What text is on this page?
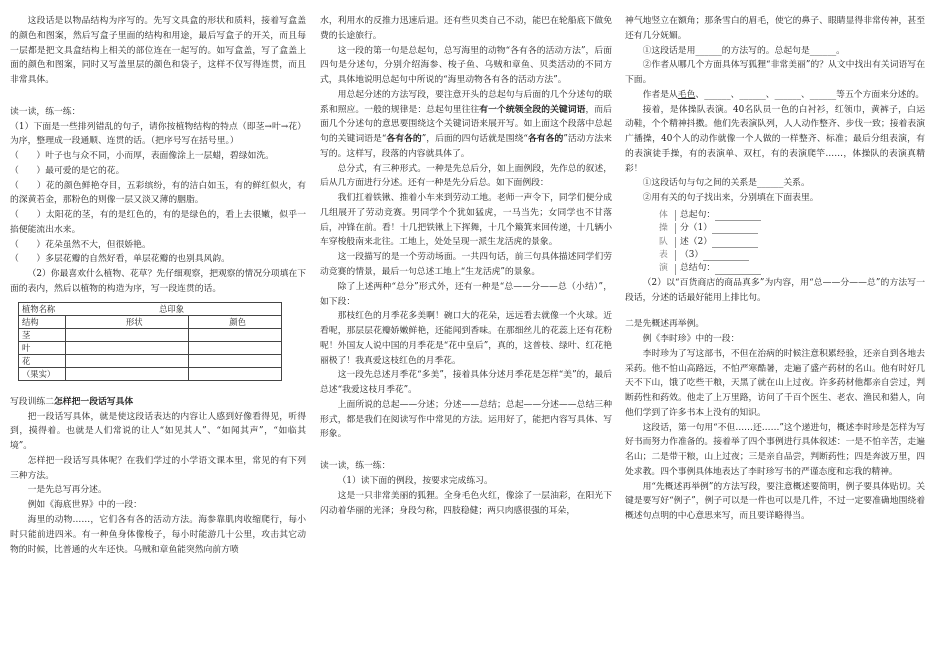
这段话是以物品结构为序写的。先写文具盒的形状和质料，接着写盒盖的颜色和图案，然后写盒子里面的结构和用途，最后写盒子的开关，而且每一层都是把文具盒结构上相关的部位连在一起写的。如写盒盖，写了盒盖上面的颜色和图案，同时又写盖里层的颜色和袋子，这样不仅写得连贯，而且非常具体。

读一读，练一练：

（1）下面是一些排列错乱的句子，请你按植物结构的特点（即茎→叶→花）为序，整理成一段通顺、连贯的话。（把序号写在括号里。）

（　　）叶子也与众不同，小而厚，表面像涂上一层蜡，碧绿如洗。

（　　）最可爱的是它的花。

（　　）花的颜色鲜艳夺目，五彩缤纷，有的洁白如玉，有的鲜红似火，有的深黄若金，那粉色的则像一层又淡又薄的胭脂。

（　　）太阳花的茎，有的是红色的，有的是绿色的，看上去很嫩，似乎一掐便能流出水来。

（　　）花朵虽然不大，但很娇艳。

（　　）多层花瓣的自然好看，单层花瓣的也别具风韵。

（2）你最喜欢什么植物、花草？先仔细观察，把观察的情况分项填在下面的表内，然后以植物的构造为序，写一段连贯的话。

植物名称		总印象	
结构	形状		颜色
茎			
叶			
花			
（果实）			

写段训练二怎样把一段话写具体

把一段话写具体，就是使这段话表达的内容让人感到好像看得见，听得到，摸得着。也就是人们常说的让人“如见其人”、“如闻其声”，“如临其境”。

怎样把一段话写具体呢？在我们学过的小学语文课本里，常见的有下列三种方法。

一是先总写再分述。

例如《海底世界》中的一段：

海里的动物……，它们各有各的活动方法。海参靠肌肉收缩爬行，每小时只能前进四米。有一种鱼身体像梭子，每小时能游几十公里，攻击其它动物的时候，比普通的火车还快。乌贼和章鱼能突然向前方喷

水，利用水的反推力迅速后退。还有些贝类自己不动，能巴在轮船底下做免费的长途旅行。

这一段的第一句是总起句，总写海里的动物“各有各的活动方法”，后面四句是分述句，分别介绍海参、梭子鱼、乌贼和章鱼、贝类活动的不同方式，具体地说明总起句中所说的“海里动物各有各的活动方法”。

用总起分述的方法写段，要注意开头的总起句与后面的几个分述句的联系和照应。一般的规律是：总起句里往往有一个统领全段的关键词语，而后面几个分述句的意思要围绕这个关键词语来展开写。如上面这个段落中总起句的关键词语是“各有各的”，后面的四句话就是围绕“各有各的”活动方法来写的。这样写，段落的内容就具体了。

总分式，有三种形式。一种是先总后分，如上面例段，先作总的叙述，后从几方面进行分述。还有一种是先分后总。如下面例段：

我们扛着铁锹、推着小车来到劳动工地。老师一声令下，同学们便分成几组展开了劳动竞赛。男同学个个犹如猛虎，一马当先；女同学也不甘落后，冲锋在前。看！十几把铁锹上下挥舞，十几个簸箕来回传递，十几辆小车穿梭般南来北往。工地上，处处呈现一派生龙活虎的景象。

这一段描写的是一个劳动场面。一共四句话，前三句具体描述同学们劳动竞赛的情景，最后一句总述工地上“生龙活虎”的景象。

除了上述两种“总分”形式外，还有一种是“总——分——总（小结）”，如下段：

那枝红色的月季花多美啊！碗口大的花朵，远远看去就像一个火球。近看呢，那层层花瓣娇嫩鲜艳，还能闻到香味。在那细丝儿的花蕊上还有花粉呢！外国友人说中国的月季花是“花中皇后”，真的，这普枝、绿叶、红花艳丽极了！我真爱这枝红色的月季花。

这一段先总述月季花“多美”，接着具体分述月季花是怎样“美”的，最后总述“我爱这枝月季花”。

上面所说的总起——分述；分述——总结；总起——分述——总结三种形式，都是我们在阅读写作中常见的方法。运用好了，能把内容写具体、写形象。

读一读，练一练：

（1）读下面的例段，按要求完成练习。

这是一只非常美丽的狐狸。全身毛色火红，像涂了一层油彩，在阳光下闪动着华丽的光泽；身段匀称，四肢稳健；两只肉感很强的耳朵，

神气地竖立在额角；那条雪白的眉毛，使它的鼻子、眼睛显得非常传神，甚至还有几分妩媚。

①这段话是用______的方法写的。总起句是______。

②作者从哪几个方面具体写狐狸“非常美丽”的？从文中找出有关词语写在下面。

作者是从毛色、______、______、______、______等五个方面来分述的。

接着，是体操队表演。40名队员一色的白衬衫，红领巾，黄裤子，白运动鞋，个个精神抖擞。他们先表演队列，人人动作整齐、步伐一致；接着表演广播操，40个人的动作就像一个人做的一样整齐、标准；最后分组表演，有的表演徒手操，有的表演单、双杠，有的表演爬竿……，体操队的表演真精彩！

①这段话句与句之间的关系是______关系。

②用有关的句子找出来，分别填在下面表里。

体	总起句：
操	分（1）
队	述（2）
表	（3）
演	总结句：

（2）以“百货商店的商品真多”为内容，用“总——分——总”的方法写一段话，分述的话最好能用上排比句。

二是先概述再举例。

例《李时珍》中的一段：

李时珍为了写这部书，不但在治病的时候注意积累经验，还亲自到各地去采药。他不怕山高路远，不怕严寒酷暑，走遍了盛产药材的名山。他有时好几天不下山，饿了吃些干粮，天黑了就在山上过夜。许多药材他都亲自尝过，判断药性和药效。他走了上万里路，访问了千百个医生、老农、渔民和猎人，向他们学到了许多书本上没有的知识。

这段话，第一句用“不但……还……”这个递进句，概述李时珍是怎样为写好书而努力作准备的。接着举了四个事例进行具体叙述：一是不怕辛苦，走遍名山；二是带干粮，山上过夜；三是亲自品尝，判断药性；四是奔波万里，四处求教。四个事例具体地表达了李时珍写书的严谨态度和忘我的精神。

用“先概述再举例”的方法写段，要注意概述要简明，例子要具体贴切。关键是要写好“例子”，例子可以是一件也可以是几件，不过一定要准确地围绕着概述句点明的中心意思来写，而且要详略得当。
